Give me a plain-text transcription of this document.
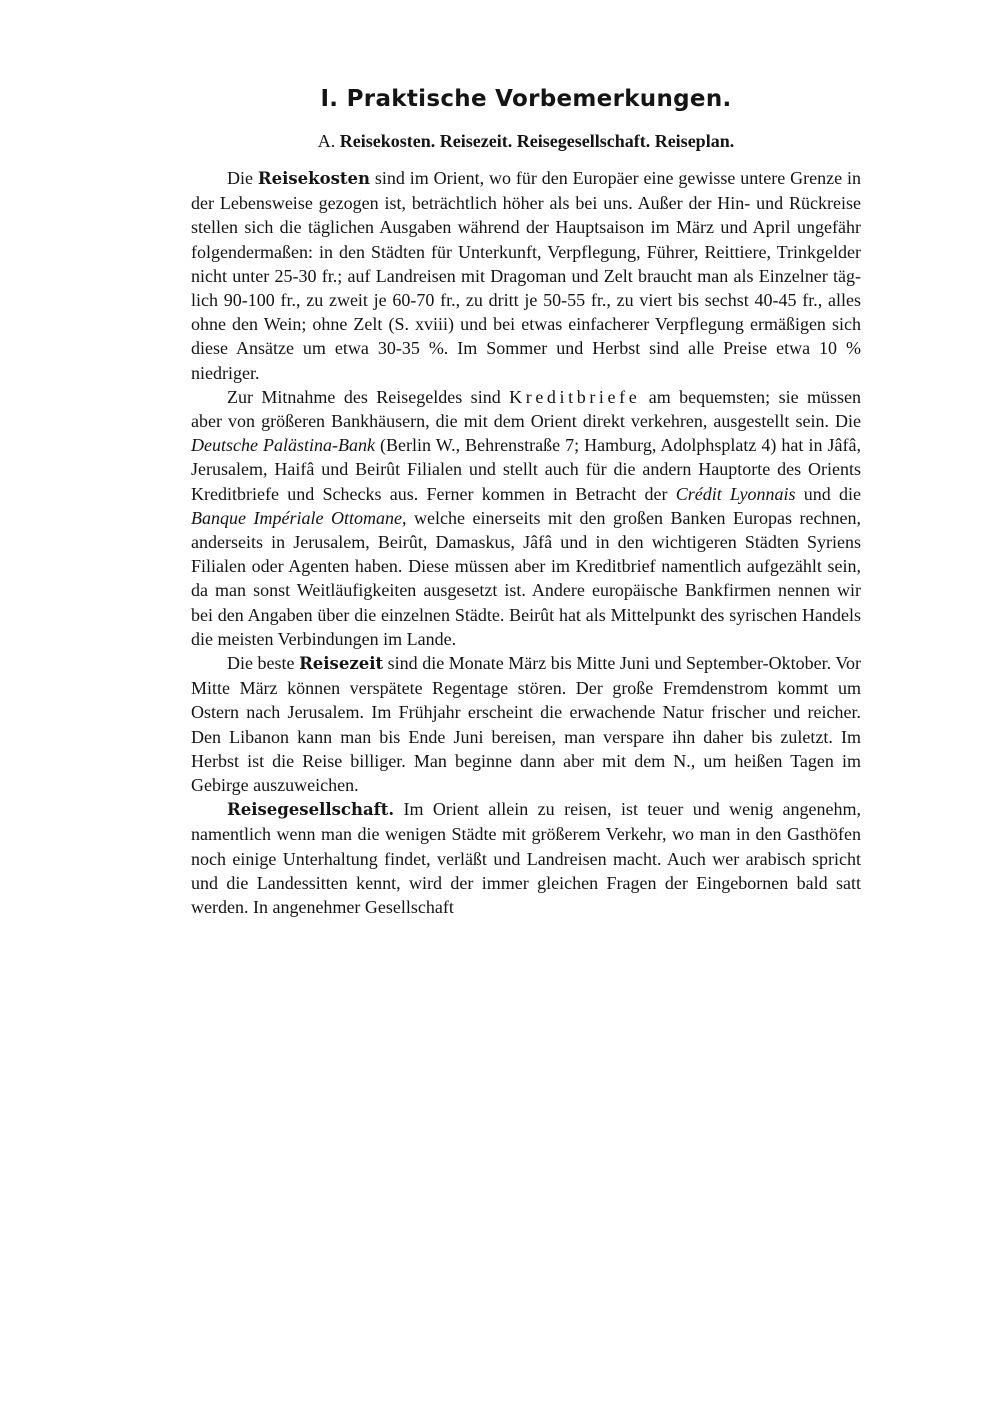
I. Praktische Vorbemerkungen.
A. Reisekosten. Reisezeit. Reisegesellschaft. Reiseplan.

Die Reisekosten sind im Orient, wo für den Europäer eine gewisse untere Grenze in der Lebensweise gezogen ist, beträchtlich höher als bei uns. Außer der Hin- und Rückreise stellen sich die täglichen Ausgaben während der Hauptsaison im März und April ungefähr folgendermaßen: in den Städten für Unterkunft, Verpflegung, Führer, Reittiere, Trinkgelder nicht unter 25-30 fr.; auf Landreisen mit Dragoman und Zelt braucht man als Einzelner täglich 90-100 fr., zu zweit je 60-70 fr., zu dritt je 50-55 fr., zu viert bis sechst 40-45 fr., alles ohne den Wein; ohne Zelt (S. xviii) und bei etwas einfacherer Verpflegung ermäßigen sich diese Ansätze um etwa 30-35 %. Im Sommer und Herbst sind alle Preise etwa 10 % niedriger.

Zur Mitnahme des Reisegeldes sind Kreditbriefe am bequemsten; sie müssen aber von größeren Bankhäusern, die mit dem Orient direkt verkehren, ausgestellt sein. Die Deutsche Palästina-Bank (Berlin W., Behrenstraße 7; Hamburg, Adolphsplatz 4) hat in Jâfâ, Jerusalem, Haifâ und Beirût Filialen und stellt auch für die andern Hauptorte des Orients Kreditbriefe und Schecks aus. Ferner kommen in Betracht der Crédit Lyonnais und die Banque Impériale Ottomane, welche einerseits mit den großen Banken Europas rechnen, anderseits in Jerusalem, Beirût, Damaskus, Jâfâ und in den wichtigeren Städten Syriens Filialen oder Agenten haben. Diese müssen aber im Kreditbrief namentlich aufgezählt sein, da man sonst Weitläufigkeiten ausgesetzt ist. Andere europäische Bankfirmen nennen wir bei den Angaben über die einzelnen Städte. Beirût hat als Mittelpunkt des syrischen Handels die meisten Verbindungen im Lande.

Die beste Reisezeit sind die Monate März bis Mitte Juni und September-Oktober. Vor Mitte März können verspätete Regentage stören. Der große Fremdenstrom kommt um Ostern nach Jerusalem. Im Frühjahr erscheint die erwachende Natur frischer und reicher. Den Libanon kann man bis Ende Juni bereisen, man verspare ihn daher bis zuletzt. Im Herbst ist die Reise billiger. Man beginne dann aber mit dem N., um heißen Tagen im Gebirge auszuweichen.

Reisegesellschaft. Im Orient allein zu reisen, ist teuer und wenig angenehm, namentlich wenn man die wenigen Städte mit größerem Verkehr, wo man in den Gasthöfen noch einige Unterhaltung findet, verläßt und Landreisen macht. Auch wer arabisch spricht und die Landessitten kennt, wird der immer gleichen Fragen der Eingebornen bald satt werden. In angenehmer Gesellschaft
